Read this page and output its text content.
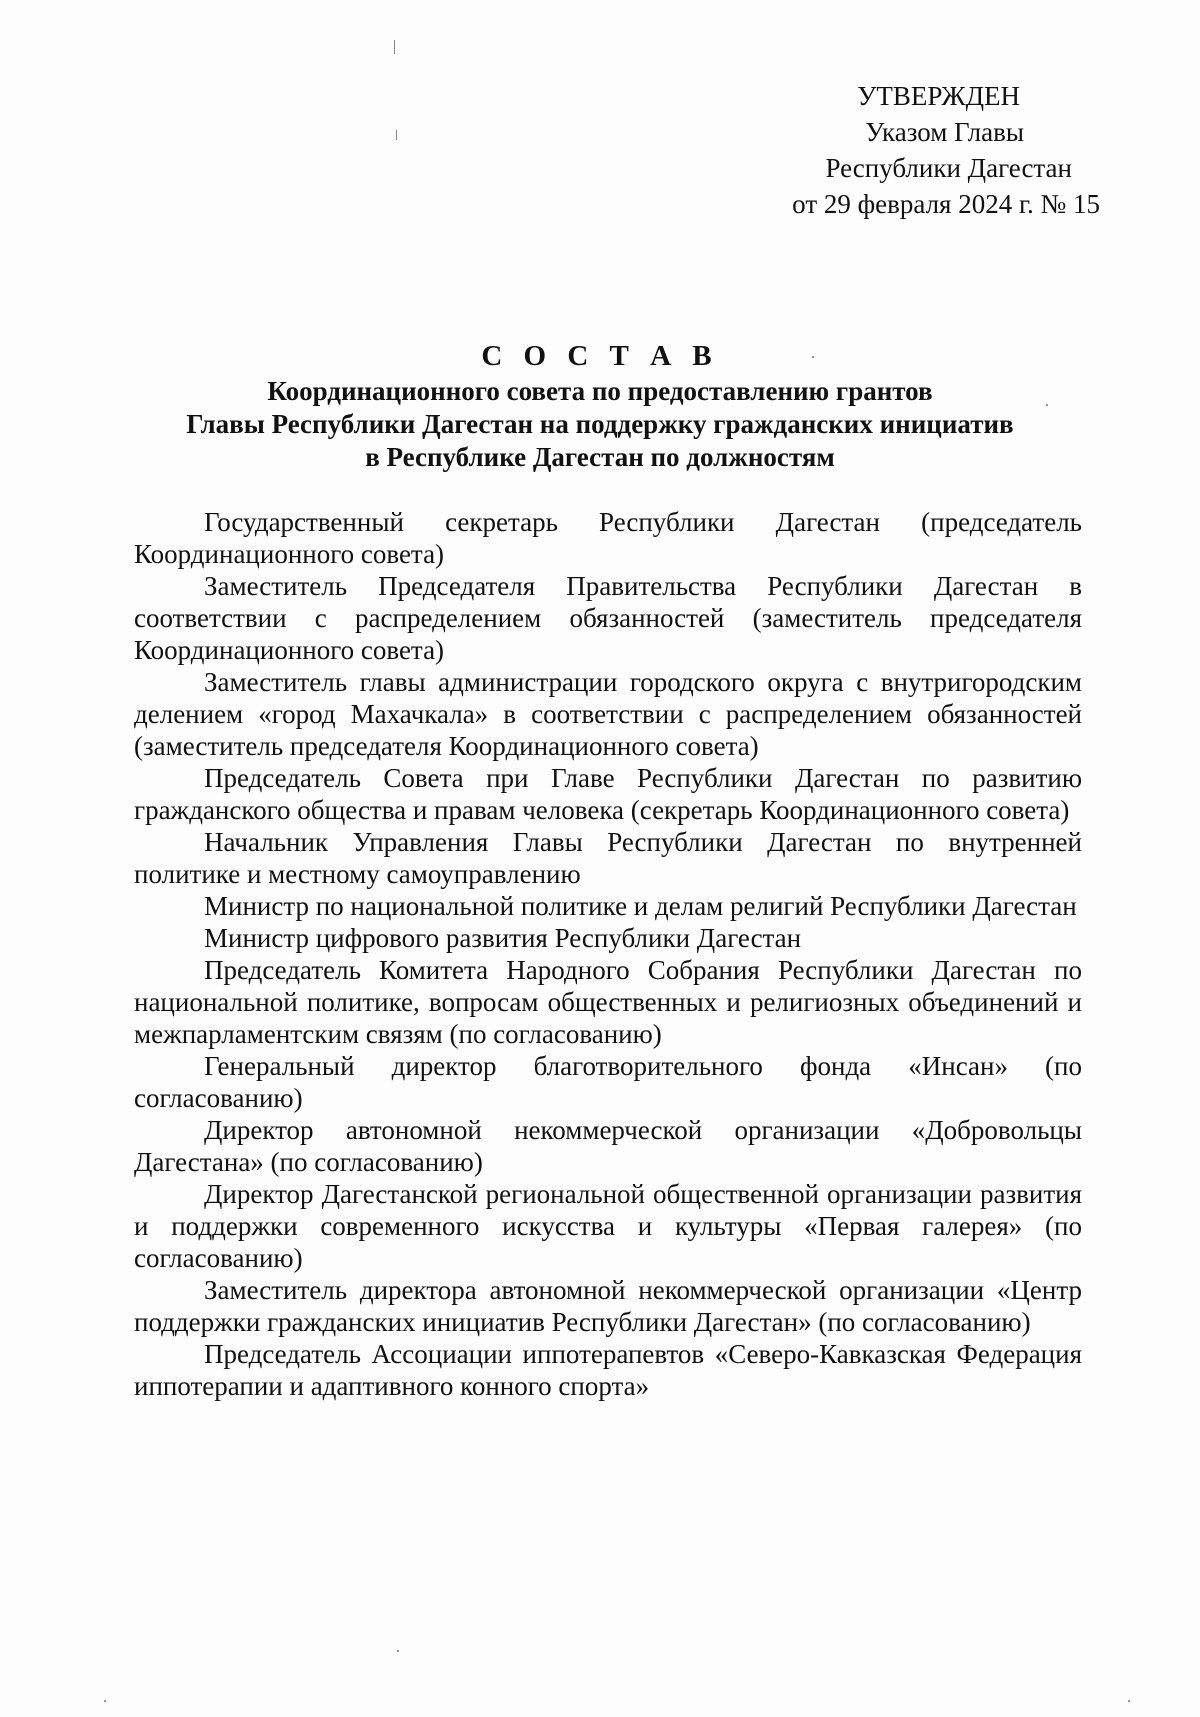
УТВЕРЖДЕН
Указом Главы
Республики Дагестан
от 29 февраля 2024 г. № 15
С О С Т А В
Координационного совета по предоставлению грантов
Главы Республики Дагестан на поддержку гражданских инициатив
в Республике Дагестан по должностям

Государственный секретарь Республики Дагестан (председатель Координационного совета)

Заместитель Председателя Правительства Республики Дагестан в соответствии с распределением обязанностей (заместитель председателя Координационного совета)

Заместитель главы администрации городского округа с внутригородским делением «город Махачкала» в соответствии с распределением обязанностей (заместитель председателя Координационного совета)

Председатель Совета при Главе Республики Дагестан по развитию гражданского общества и правам человека (секретарь Координационного совета)

Начальник Управления Главы Республики Дагестан по внутренней политике и местному самоуправлению

Министр по национальной политике и делам религий Республики Дагестан

Министр цифрового развития Республики Дагестан

Председатель Комитета Народного Собрания Республики Дагестан по национальной политике, вопросам общественных и религиозных объединений и межпарламентским связям (по согласованию)

Генеральный директор благотворительного фонда «Инсан» (по согласованию)

Директор автономной некоммерческой организации «Добровольцы Дагестана» (по согласованию)

Директор Дагестанской региональной общественной организации развития и поддержки современного искусства и культуры «Первая галерея» (по согласованию)

Заместитель директора автономной некоммерческой организации «Центр поддержки гражданских инициатив Республики Дагестан» (по согласованию)

Председатель Ассоциации иппотерапевтов «Северо-Кавказская Федерация иппотерапии и адаптивного конного спорта»
